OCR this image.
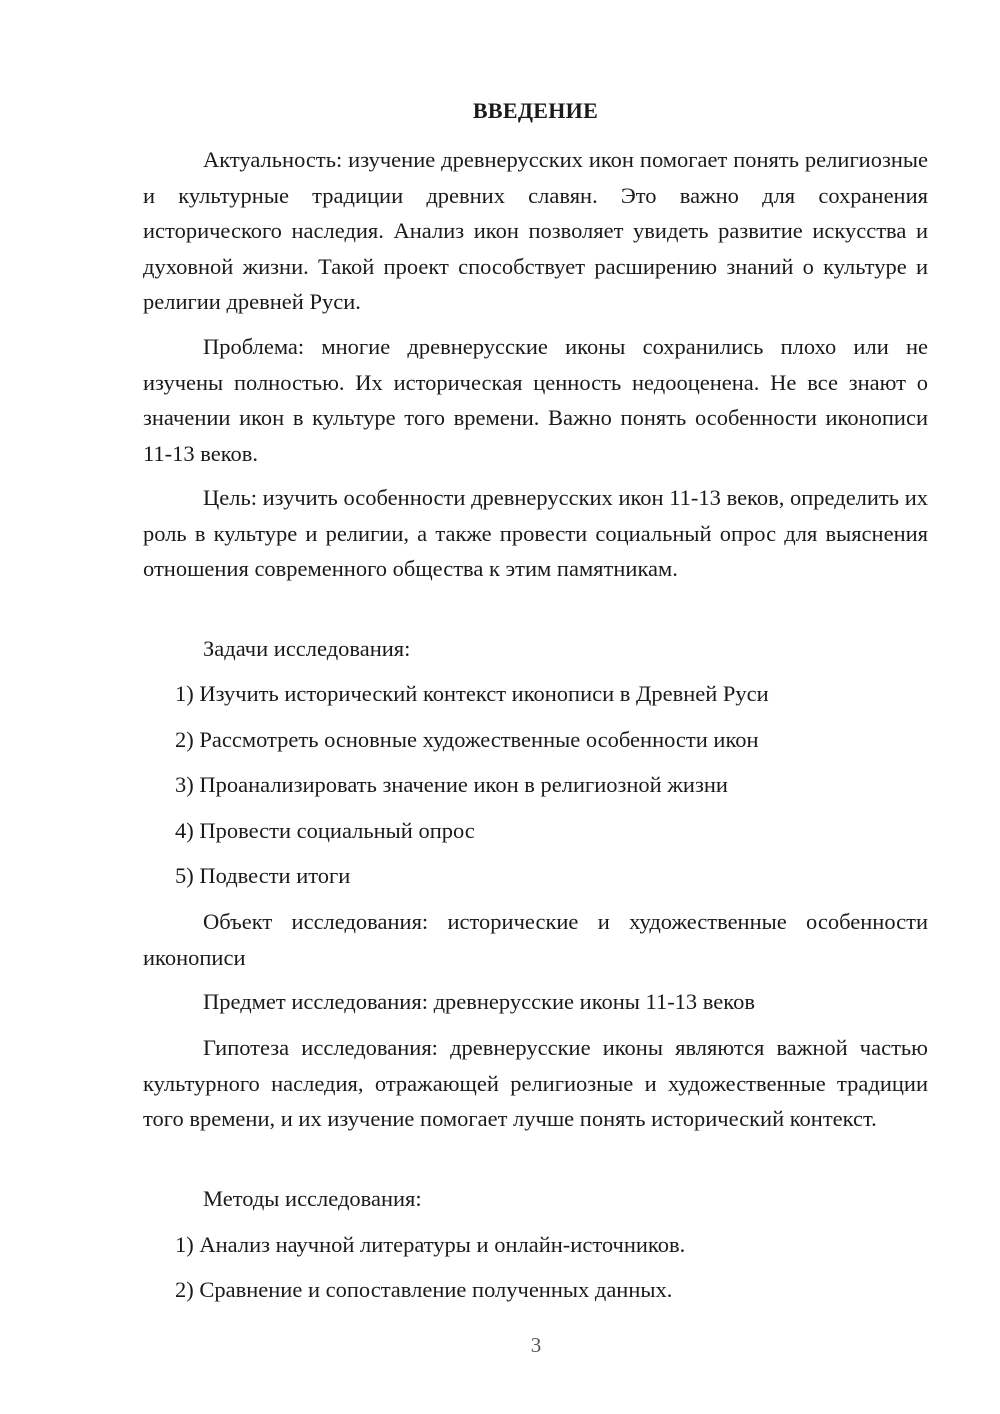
ВВЕДЕНИЕ

Актуальность: изучение древнерусских икон помогает понять религиозные и культурные традиции древних славян. Это важно для сохранения исторического наследия. Анализ икон позволяет увидеть развитие искусства и духовной жизни. Такой проект способствует расширению знаний о культуре и религии древней Руси.

Проблема: многие древнерусские иконы сохранились плохо или не изучены полностью. Их историческая ценность недооценена. Не все знают о значении икон в культуре того времени. Важно понять особенности иконописи 11-13 веков.

Цель: изучить особенности древнерусских икон 11-13 веков, определить их роль в культуре и религии, а также провести социальный опрос для выяснения отношения современного общества к этим памятникам.

Задачи исследования:

1) Изучить исторический контекст иконописи в Древней Руси

2) Рассмотреть основные художественные особенности икон

3) Проанализировать значение икон в религиозной жизни

4) Провести социальный опрос

5) Подвести итоги

Объект исследования: исторические и художественные особенности иконописи

Предмет исследования: древнерусские иконы 11-13 веков

Гипотеза исследования: древнерусские иконы являются важной частью культурного наследия, отражающей религиозные и художественные традиции того времени, и их изучение помогает лучше понять исторический контекст.

Методы исследования:

1) Анализ научной литературы и онлайн-источников.

2) Сравнение и сопоставление полученных данных.

3
